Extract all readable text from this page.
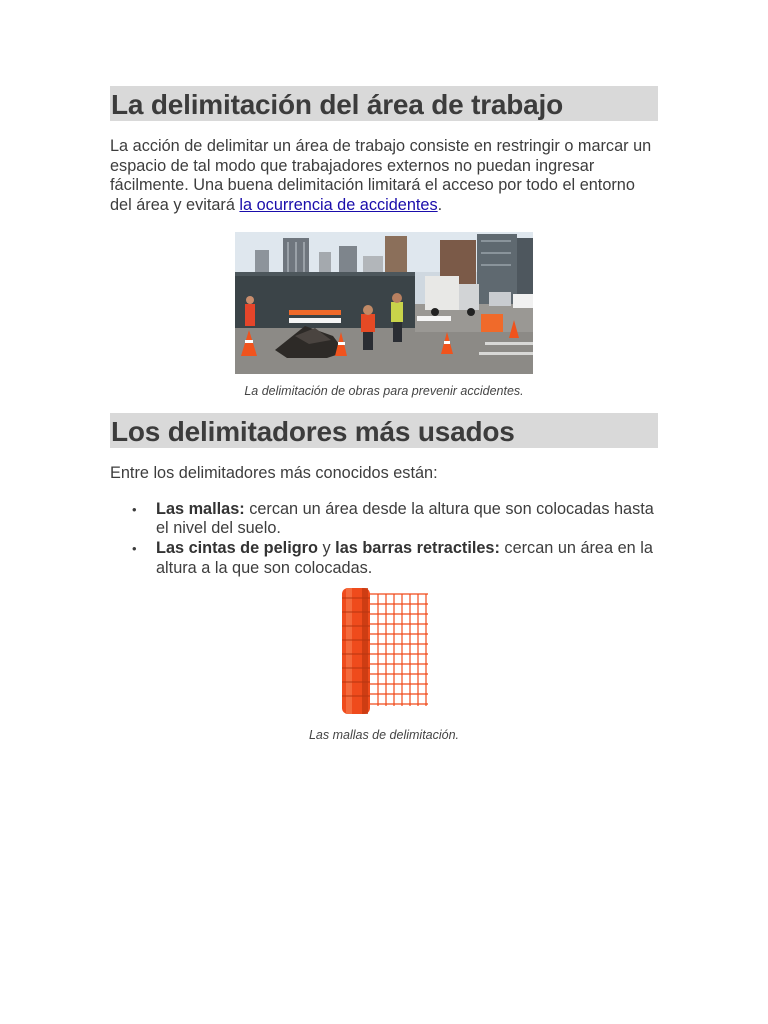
La delimitación del área de trabajo

La acción de delimitar un área de trabajo consiste en restringir o marcar un espacio de tal modo que trabajadores externos no puedan ingresar fácilmente. Una buena delimitación limitará el acceso por todo el entorno del área y evitará la ocurrencia de accidentes.

La delimitación de obras para prevenir accidentes.
Los delimitadores más usados

Entre los delimitadores más conocidos están:

• Las mallas: cercan un área desde la altura que son colocadas hasta el nivel del suelo.
• Las cintas de peligro y las barras retractiles: cercan un área en la altura a la que son colocadas.
Las mallas de delimitación.
